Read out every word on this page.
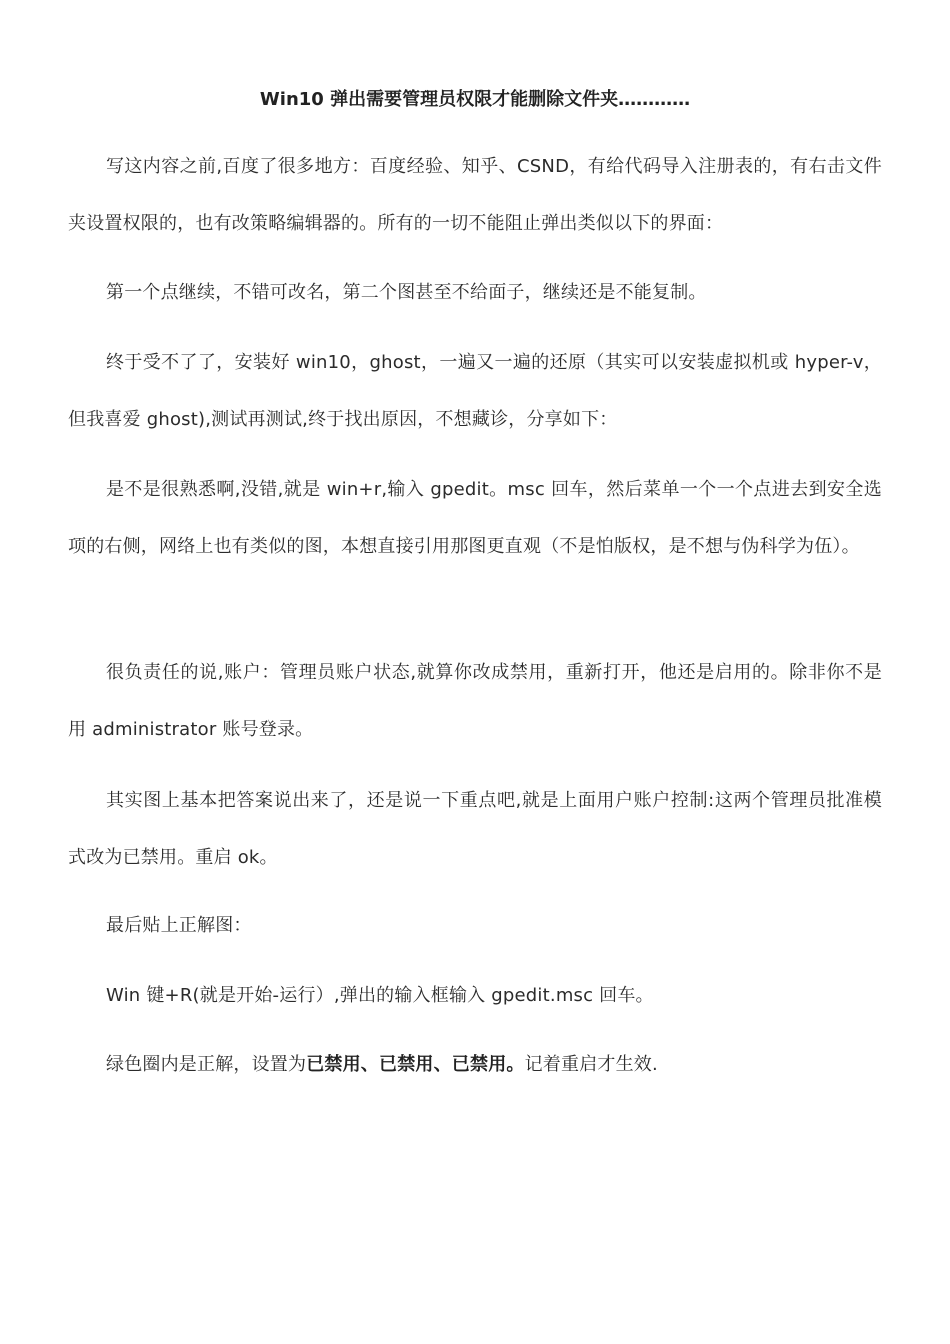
Win10 弹出需要管理员权限才能删除文件夹…………

写这内容之前,百度了很多地方：百度经验、知乎、CSND，有给代码导入注册表的，有右击文件夹设置权限的，也有改策略编辑器的。所有的一切不能阻止弹出类似以下的界面：

第一个点继续，不错可改名，第二个图甚至不给面子，继续还是不能复制。

终于受不了了，安装好 win10，ghost，一遍又一遍的还原（其实可以安装虚拟机或 hyper-v，但我喜爱 ghost),测试再测试,终于找出原因，不想藏诊，分享如下：

是不是很熟悉啊,没错,就是 win+r,输入 gpedit。msc 回车，然后菜单一个一个点进去到安全选项的右侧，网络上也有类似的图，本想直接引用那图更直观（不是怕版权，是不想与伪科学为伍）。

很负责任的说,账户：管理员账户状态,就算你改成禁用，重新打开，他还是启用的。除非你不是用 administrator 账号登录。

其实图上基本把答案说出来了，还是说一下重点吧,就是上面用户账户控制:这两个管理员批准模式改为已禁用。重启 ok。

最后贴上正解图：

Win 键+R(就是开始-运行）,弹出的输入框输入 gpedit.msc 回车。

绿色圈内是正解，设置为已禁用、已禁用、已禁用。记着重启才生效.
